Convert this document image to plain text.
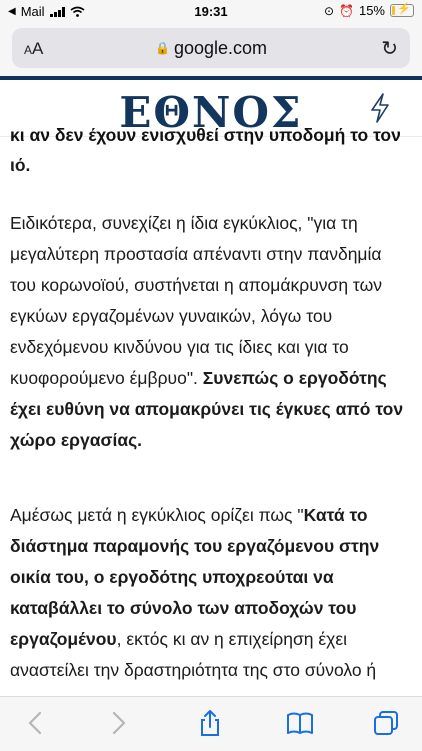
◀ Mail	19:31	⊙ ⏰ 15% ⚡
AA	🔒 google.com	↻
ΕΘΝΟΣ
κι αν δεν έχουν ενισχυθεί στην υποδομή το τον

ιό.

Ειδικότερα, συνεχίζει η ίδια εγκύκλιος, "για τη μεγαλύτερη προστασία απέναντι στην πανδημία του κορωνοϊού, συστήνεται η απομάκρυνση των εγκύων εργαζομένων γυναικών, λόγω του ενδεχόμενου κινδύνου για τις ίδιες και για το κυοφορούμενο έμβρυο". Συνεπώς ο εργοδότης έχει ευθύνη να απομακρύνει τις έγκυες από τον χώρο εργασίας.

Αμέσως μετά η εγκύκλιος ορίζει πως "Κατά το διάστημα παραμονής του εργαζόμενου στην οικία του, ο εργοδότης υποχρεούται να καταβάλλει το σύνολο των αποδοχών του εργαζομένου, εκτός κι αν η επιχείρηση έχει αναστείλει την δραστηριότητα της στο σύνολο ή
